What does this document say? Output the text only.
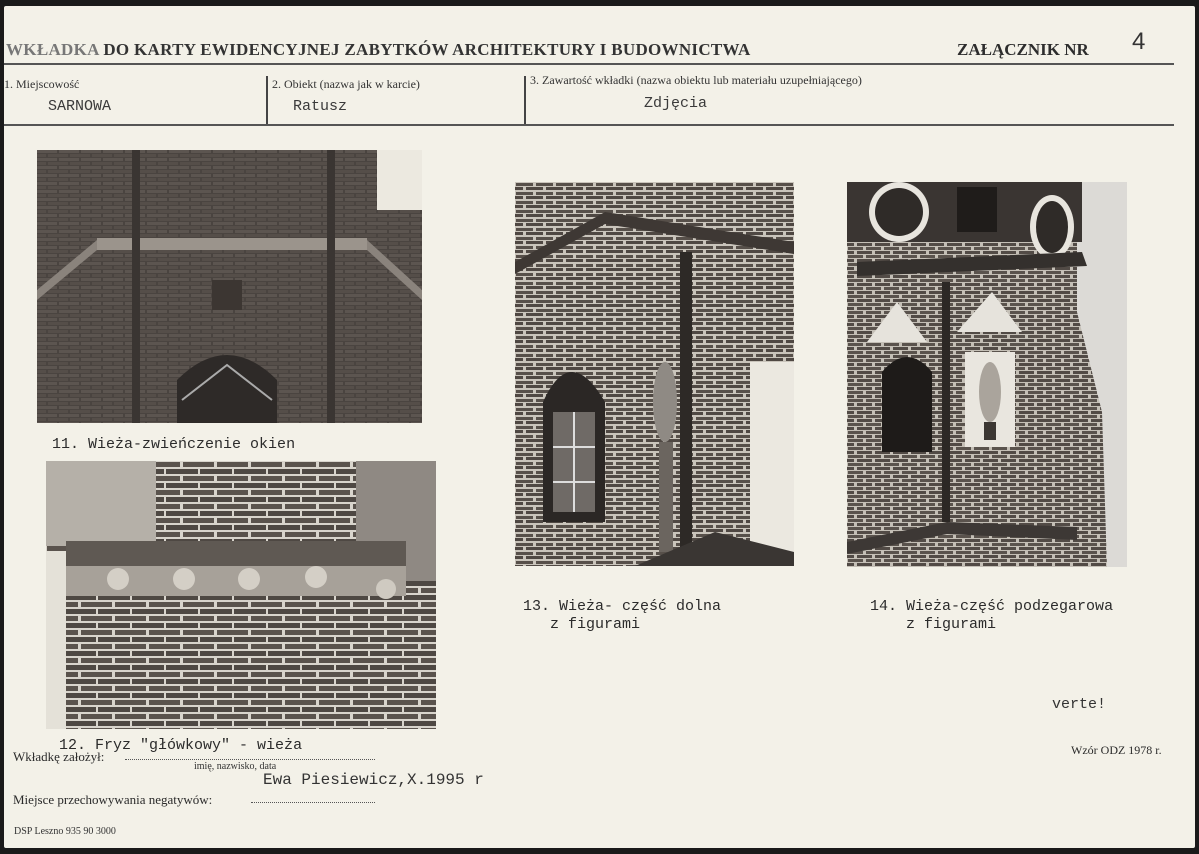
WKŁADKA DO KARTY EWIDENCYJNEJ ZABYTKÓW ARCHITEKTURY I BUDOWNICTWA	ZAŁĄCZNIK NR 4
1. Miejscowość
SARNOWA
2. Obiekt (nazwa jak w karcie)
Ratusz
3. Zawartość wkładki (nazwa obiektu lub materiału uzupełniającego)
Zdjęcia
11. Wieża-zwieńczenie okien
12. Fryz "główkowy" - wieża
13. Wieża- część dolna
z figurami
14. Wieża-część podzegarowa
z figurami
verte!
Wzór ODZ 1978 r.
Wkładkę założył:
imię, nazwisko, data
Ewa Piesiewicz,X.1995 r
Miejsce przechowywania negatywów:
DSP Leszno 935 90 3000
